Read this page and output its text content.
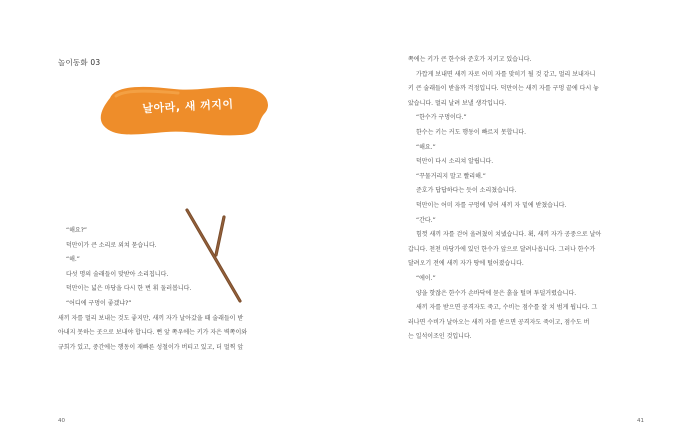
놀이동화 03
날아라, 새 꺼지이

“해요?”

덕만이가 큰 소리로 외쳐 묻습니다.

“해.”

다섯 명의 술래들이 맞받아 소리칩니다.

덕만이는 넓은 마당을 다시 한 번 휘 둘러봅니다.

“어디에 구멍이 좋겠냐?”

새끼 자를 멀리 보내는 것도 좋지만, 새끼 자가 날아갔을 때 술래들이 받

아내지 못하는 곳으로 보내야 합니다. 뻔 앞 쪽우에는 키가 자은 벽쪽이와

규희가 있고, 중간에는 행동이 재빠른 성철이가 버티고 있고, 더 멀찍 앞

40	41

쪽에는 키가 큰 한수와 준호가 지키고 있습니다.

가깝게 보내면 새끼 자로 어미 자를 맞히기 될 것 같고, 멀리 보내자니

키 큰 술래들이 받을까 걱정입니다. 덕만이는 새끼 자를 구멍 끝에 다시 놓

았습니다. 멀리 날려 보낼 생각입니다.

“한수가 구멍이다.”

한수는 키는 커도 행동이 빠르지 못합니다.

“해요.”

덕만이 다시 소리쳐 알립니다.

“꾸물거리지 말고 빨리해.”

준호가 답답하다는 듯이 소리쳤습니다.

덕만이는 어미 자를 구멍에 넣어 새끼 자 밑에 받쳤습니다.

“간다.”

힘껏 새끼 자를 걷어 올려쳤이 치넸습니다. 휙, 새끼 자가 공중으로 날아

갑니다. 천천 마당가에 있던 한수가 앞으로 달려나옵니다. 그러나 한수가

달려오기 전에 새끼 자가 땅에 털어졌습니다.

“에이.”

양을 핫잖은 한수가 손바닥에 묻은 흙을 털며 투덜거렸습니다.

새끼 자를 받으면 공격자도 죽고, 수비는 점수를 잘 치 범게 됩니다. 그

러나면 수비가 날아오는 새끼 자를 받으면 공격자도 죽이고, 점수도 버

는 일석이조인 것입니다.
